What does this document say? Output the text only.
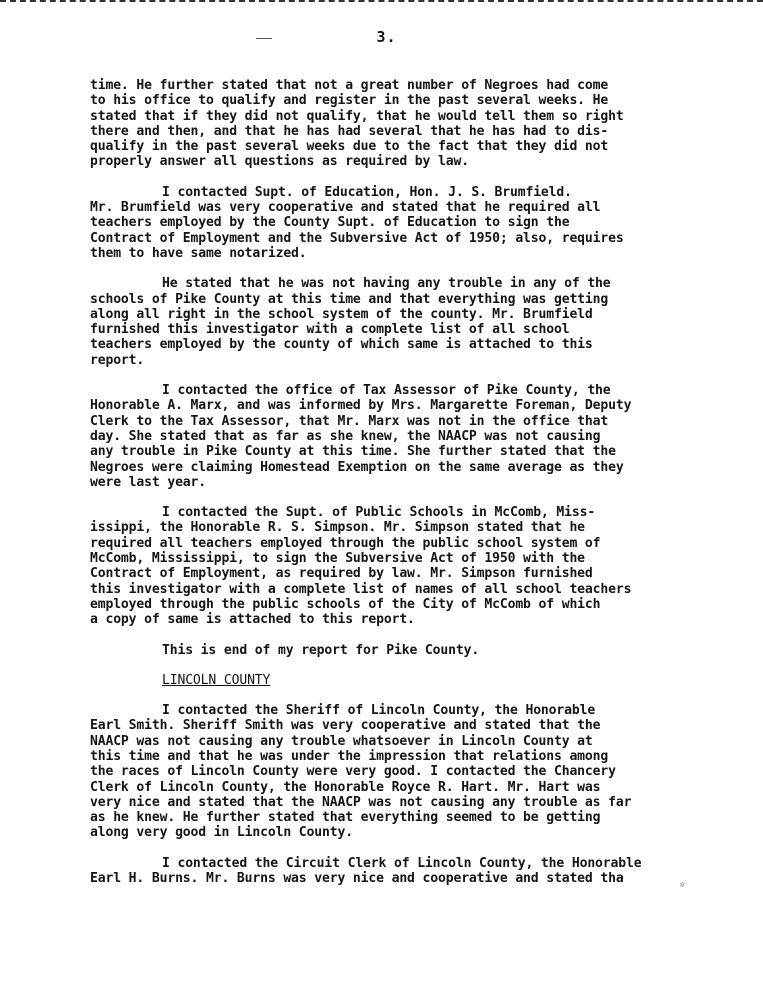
3.
time. He further stated that not a great number of Negroes had come
to his office to qualify and register in the past several weeks. He
stated that if they did not qualify, that he would tell them so right
there and then, and that he has had several that he has had to dis-
qualify in the past several weeks due to the fact that they did not
properly answer all questions as required by law.
I contacted Supt. of Education, Hon. J. S. Brumfield.
Mr. Brumfield was very cooperative and stated that he required all
teachers employed by the County Supt. of Education to sign the
Contract of Employment and the Subversive Act of 1950; also, requires
them to have same notarized.
He stated that he was not having any trouble in any of the
schools of Pike County at this time and that everything was getting
along all right in the school system of the county. Mr. Brumfield
furnished this investigator with a complete list of all school
teachers employed by the county of which same is attached to this
report.
I contacted the office of Tax Assessor of Pike County, the
Honorable A. Marx, and was informed by Mrs. Margarette Foreman, Deputy
Clerk to the Tax Assessor, that Mr. Marx was not in the office that
day. She stated that as far as she knew, the NAACP was not causing
any trouble in Pike County at this time. She further stated that the
Negroes were claiming Homestead Exemption on the same average as they
were last year.
I contacted the Supt. of Public Schools in McComb, Miss-
issippi, the Honorable R. S. Simpson. Mr. Simpson stated that he
required all teachers employed through the public school system of
McComb, Mississippi, to sign the Subversive Act of 1950 with the
Contract of Employment, as required by law. Mr. Simpson furnished
this investigator with a complete list of names of all school teachers
employed through the public schools of the City of McComb of which
a copy of same is attached to this report.
This is end of my report for Pike County.
LINCOLN COUNTY
I contacted the Sheriff of Lincoln County, the Honorable
Earl Smith. Sheriff Smith was very cooperative and stated that the
NAACP was not causing any trouble whatsoever in Lincoln County at
this time and that he was under the impression that relations among
the races of Lincoln County were very good. I contacted the Chancery
Clerk of Lincoln County, the Honorable Royce R. Hart. Mr. Hart was
very nice and stated that the NAACP was not causing any trouble as far
as he knew. He further stated that everything seemed to be getting
along very good in Lincoln County.
I contacted the Circuit Clerk of Lincoln County, the Honorable
Earl H. Burns. Mr. Burns was very nice and cooperative and stated tha	✲
